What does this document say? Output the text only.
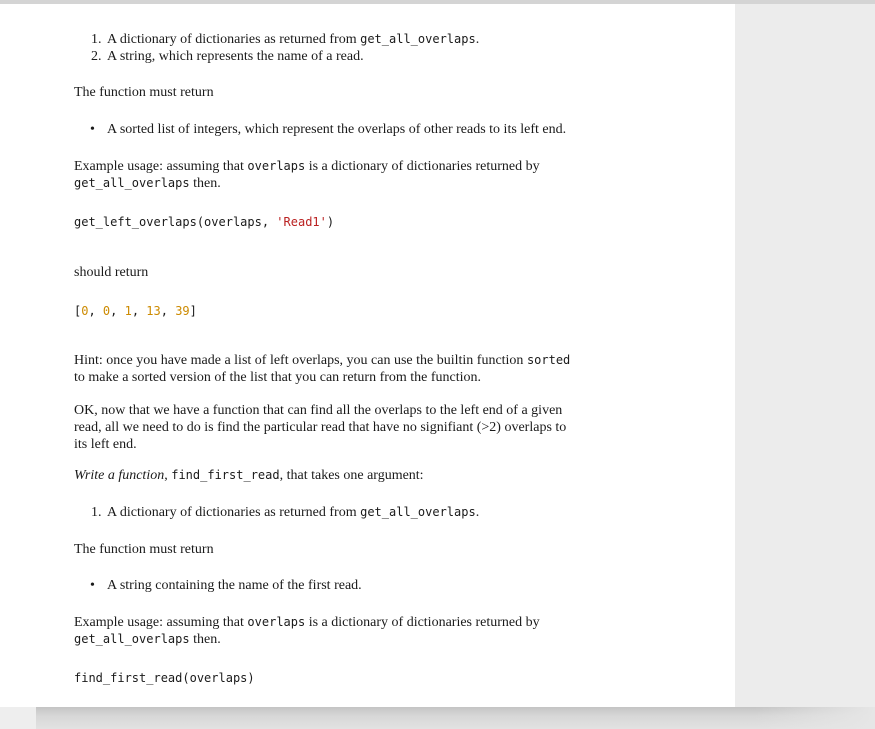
1. A dictionary of dictionaries as returned from get_all_overlaps.
2. A string, which represents the name of a read.
The function must return
• A sorted list of integers, which represent the overlaps of other reads to its left end.
Example usage: assuming that overlaps is a dictionary of dictionaries returned by
get_all_overlaps then.
get_left_overlaps(overlaps, 'Read1')
should return
[0, 0, 1, 13, 39]
Hint: once you have made a list of left overlaps, you can use the builtin function sorted
to make a sorted version of the list that you can return from the function.
OK, now that we have a function that can find all the overlaps to the left end of a given
read, all we need to do is find the particular read that have no signifiant (>2) overlaps to
its left end.
Write a function, find_first_read, that takes one argument:
1. A dictionary of dictionaries as returned from get_all_overlaps.
The function must return
• A string containing the name of the first read.
Example usage: assuming that overlaps is a dictionary of dictionaries returned by
get_all_overlaps then.
find_first_read(overlaps)
